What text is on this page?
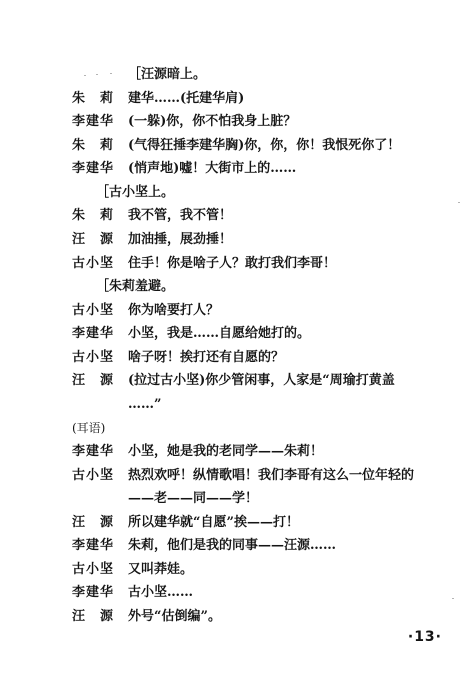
［汪源暗上。
朱　莉	建华……(托建华肩)
李建华	(一躲)你，你不怕我身上脏？
朱　莉	(气得狂捶李建华胸)你，你，你！我恨死你了！
李建华	(悄声地)嘘！大街市上的……
［古小坚上。
朱　莉	我不管，我不管！
汪　源	加油捶，展劲捶！
古小坚	住手！你是啥子人？敢打我们李哥！
［朱莉羞避。
古小坚	你为啥要打人？
李建华	小坚，我是……自愿给她打的。
古小坚	啥子呀！挨打还有自愿的？
汪　源	(拉过古小坚)你少管闲事，人家是“周瑜打黄盖
……”
(耳语)
李建华	小坚，她是我的老同学——朱莉！
古小坚	热烈欢呼！纵情歌唱！我们李哥有这么一位年轻的
——老——同——学！
汪　源	所以建华就“自愿”挨——打！
李建华	朱莉，他们是我的同事——汪源……
古小坚	又叫莽娃。
李建华	古小坚……
汪　源	外号“估倒编”。
·13·
